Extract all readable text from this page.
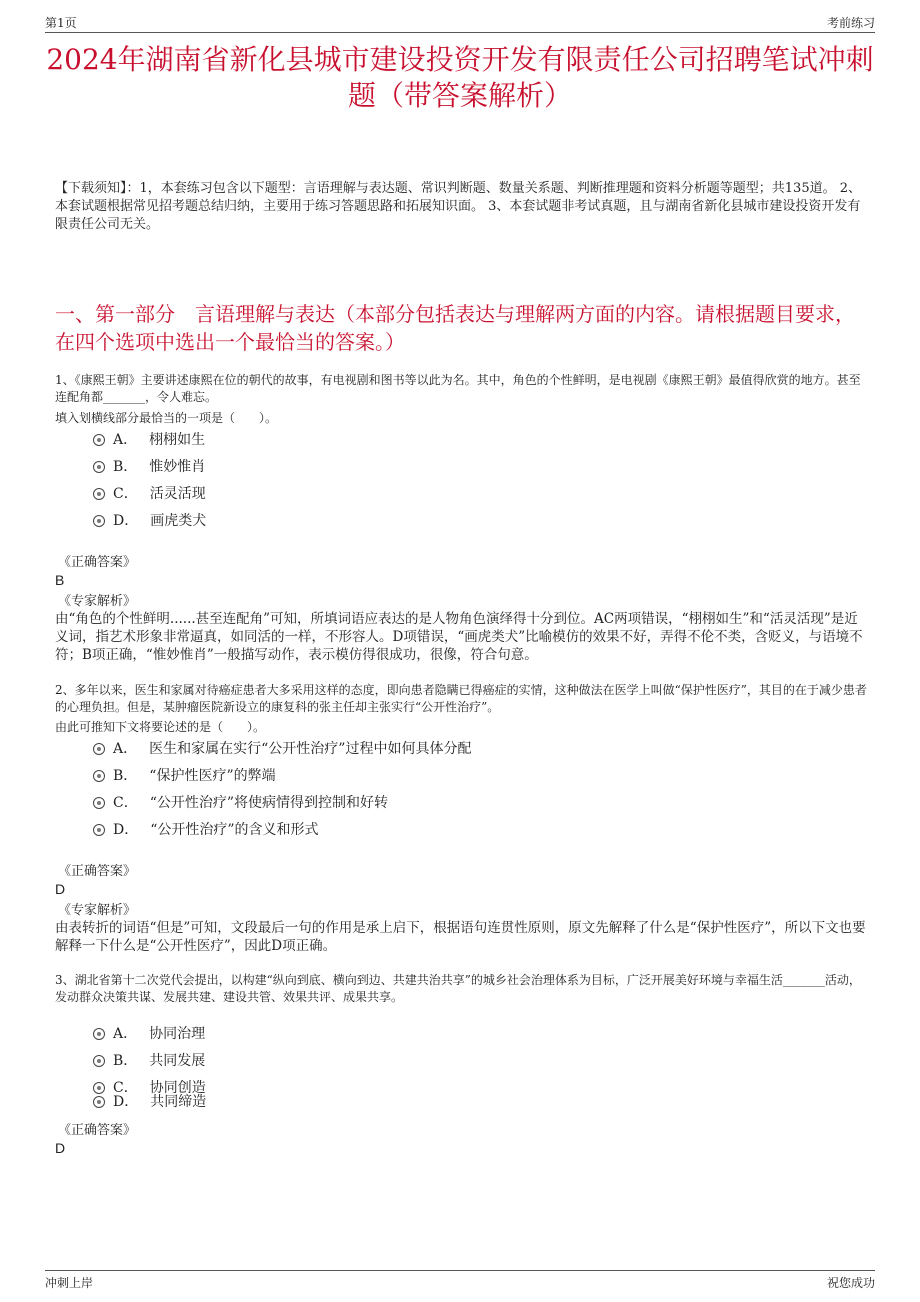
第1页	考前练习
2024年湖南省新化县城市建设投资开发有限责任公司招聘笔试冲刺题（带答案解析）
【下载须知】：1，本套练习包含以下题型：言语理解与表达题、常识判断题、数量关系题、判断推理题和资料分析题等题型；共135道。 2、本套试题根据常见招考题总结归纳，主要用于练习答题思路和拓展知识面。 3、本套试题非考试真题，且与湖南省新化县城市建设投资开发有限责任公司无关。
一、第一部分　言语理解与表达（本部分包括表达与理解两方面的内容。请根据题目要求，在四个选项中选出一个最恰当的答案。）
1、《康熙王朝》主要讲述康熙在位的朝代的故事，有电视剧和图书等以此为名。其中，角色的个性鲜明，是电视剧《康熙王朝》最值得欣赏的地方。甚至连配角都_______，令人难忘。
填入划横线部分最恰当的一项是（　　）。
A． 栩栩如生
B． 惟妙惟肖
C． 活灵活现
D． 画虎类犬
《正确答案》
B
《专家解析》
由“角色的个性鲜明......甚至连配角”可知，所填词语应表达的是人物角色演绎得十分到位。AC两项错误，“栩栩如生”和“活灵活现”是近义词，指艺术形象非常逼真，如同活的一样，不形容人。D项错误，“画虎类犬”比喻模仿的效果不好，弄得不伦不类，含贬义，与语境不符；B项正确，“惟妙惟肖”一般描写动作，表示模仿得很成功，很像，符合句意。
2、多年以来，医生和家属对待癌症患者大多采用这样的态度，即向患者隐瞒已得癌症的实情，这种做法在医学上叫做“保护性医疗”，其目的在于减少患者的心理负担。但是，某肿瘤医院新设立的康复科的张主任却主张实行“公开性治疗”。
由此可推知下文将要论述的是（　　）。
A． 医生和家属在实行“公开性治疗”过程中如何具体分配
B． “保护性医疗”的弊端
C． “公开性治疗”将使病情得到控制和好转
D． “公开性治疗”的含义和形式
《正确答案》
D
《专家解析》
由表转折的词语“但是”可知，文段最后一句的作用是承上启下，根据语句连贯性原则，原文先解释了什么是“保护性医疗”，所以下文也要解释一下什么是“公开性医疗”，因此D项正确。
3、湖北省第十二次党代会提出，以构建“纵向到底、横向到边、共建共治共享”的城乡社会治理体系为目标，广泛开展美好环境与幸福生活_______活动，发动群众决策共谋、发展共建、建设共管、效果共评、成果共享。
A． 协同治理
B． 共同发展
C． 协同创造
D． 共同缔造
《正确答案》
D
冲刺上岸	祝您成功
